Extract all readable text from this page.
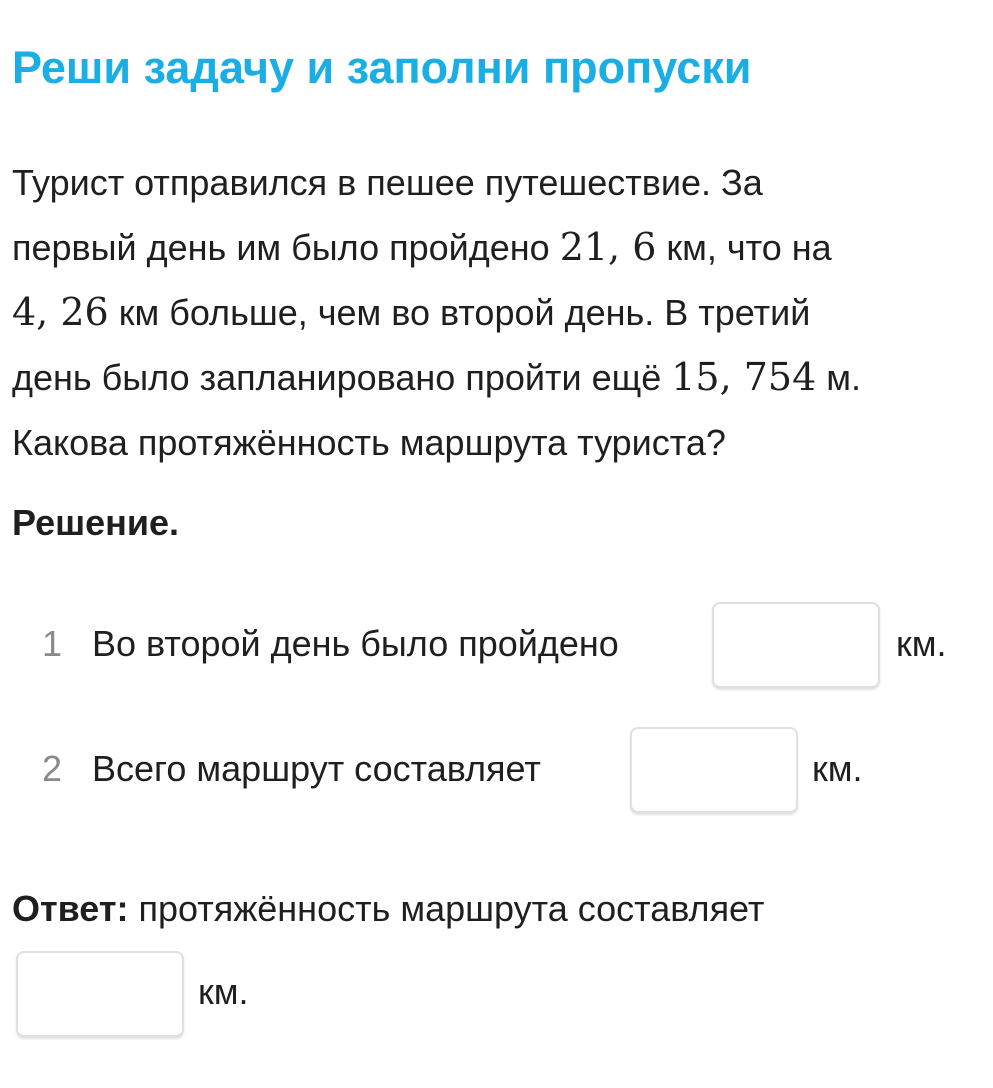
Реши задачу и заполни пропуски

Турист отправился в пешее путешествие. За

первый день им было пройдено 21, 6 км, что на

4, 26 км больше, чем во второй день. В третий

день было запланировано пройти ещё 15, 754 м.

Какова протяжённость маршрута туриста?

Решение.
1 Во второй день было пройдено	км.
2 Всего маршрут составляет	км.
Ответ: протяжённость маршрута составляет
км.
